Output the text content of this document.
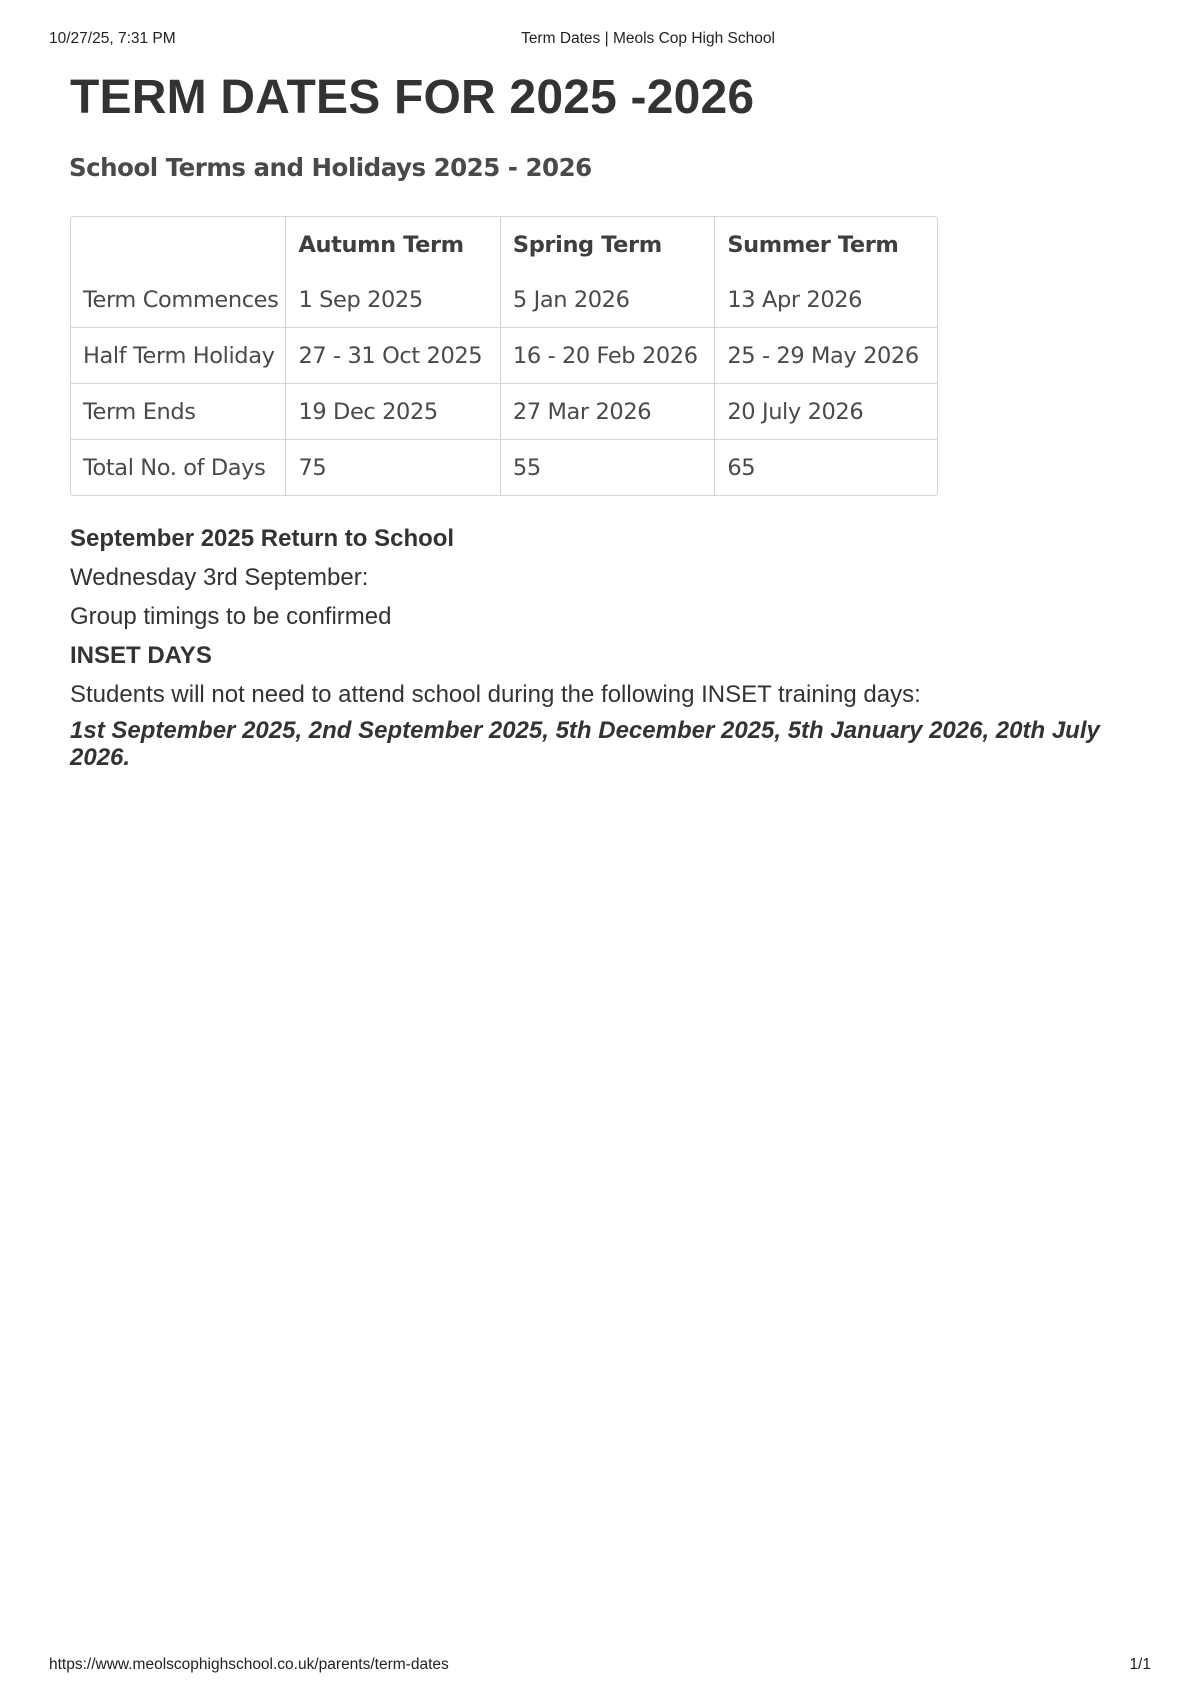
10/27/25, 7:31 PM	Term Dates | Meols Cop High School
TERM DATES FOR 2025 -2026
School Terms and Holidays 2025 - 2026
	Autumn Term	Spring Term	Summer Term
Term Commences	1 Sep 2025	5 Jan 2026	13 Apr 2026
Half Term Holiday	27 - 31 Oct 2025	16 - 20 Feb 2026	25 - 29 May 2026
Term Ends	19 Dec 2025	27 Mar 2026	20 July 2026
Total No. of Days	75	55	65

September 2025 Return to School

Wednesday 3rd September:

Group timings to be confirmed

INSET DAYS

Students will not need to attend school during the following INSET training days:

1st September 2025, 2nd September 2025, 5th December 2025, 5th January 2026, 20th July 2026.

https://www.meolscophighschool.co.uk/parents/term-dates	1/1
